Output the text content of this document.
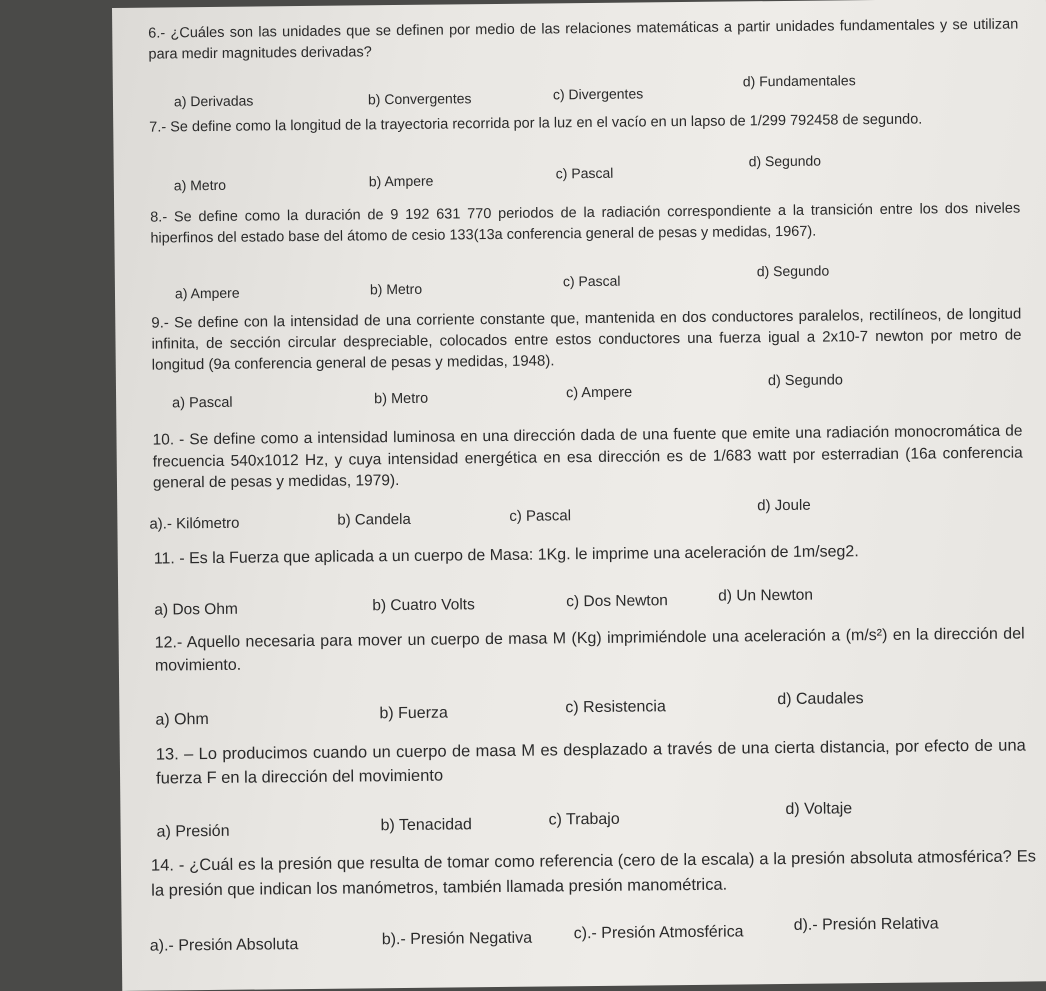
6.- ¿Cuáles son las unidades que se definen por medio de las relaciones matemáticas a partir unidades fundamentales y se utilizan para medir magnitudes derivadas?
a) Derivadas	b) Convergentes	c) Divergentes
d) Fundamentales
7.- Se define como la longitud de la trayectoria recorrida por la luz en el vacío en un lapso de 1/299 792458 de segundo.
a) Metro	b) Ampere	c) Pascal
d) Segundo
8.- Se define como la duración de 9 192 631 770 periodos de la radiación correspondiente a la transición entre los dos niveles hiperfinos del estado base del átomo de cesio 133(13a conferencia general de pesas y medidas, 1967).
a) Ampere	b) Metro	c) Pascal
d) Segundo
9.- Se define con la intensidad de una corriente constante que, mantenida en dos conductores paralelos, rectilíneos, de longitud infinita, de sección circular despreciable, colocados entre estos conductores una fuerza igual a 2x10-7 newton por metro de longitud (9a conferencia general de pesas y medidas, 1948).
a) Pascal	b) Metro	c) Ampere
d) Segundo
10. - Se define como a intensidad luminosa en una dirección dada de una fuente que emite una radiación monocromática de frecuencia 540x1012 Hz, y cuya intensidad energética en esa dirección es de 1/683 watt por esterradian (16a conferencia general de pesas y medidas, 1979).
a).- Kilómetro	b) Candela	c) Pascal
d) Joule
11. - Es la Fuerza que aplicada a un cuerpo de Masa: 1Kg. le imprime una aceleración de 1m/seg2.
a) Dos Ohm	b) Cuatro Volts	c) Dos Newton	d) Un Newton
12.- Aquello necesaria para mover un cuerpo de masa M (Kg) imprimiéndole una aceleración a (m/s²) en la dirección del movimiento.
a) Ohm	b) Fuerza	c) Resistencia	d) Caudales
13. – Lo producimos cuando un cuerpo de masa M es desplazado a través de una cierta distancia, por efecto de una fuerza F en la dirección del movimiento
a) Presión	b) Tenacidad	c) Trabajo
d) Voltaje
14. - ¿Cuál es la presión que resulta de tomar como referencia (cero de la escala) a la presión absoluta atmosférica? Es la presión que indican los manómetros, también llamada presión manométrica.
a).- Presión Absoluta	b).- Presión Negativa	c).- Presión Atmosférica	d).- Presión Relativa
